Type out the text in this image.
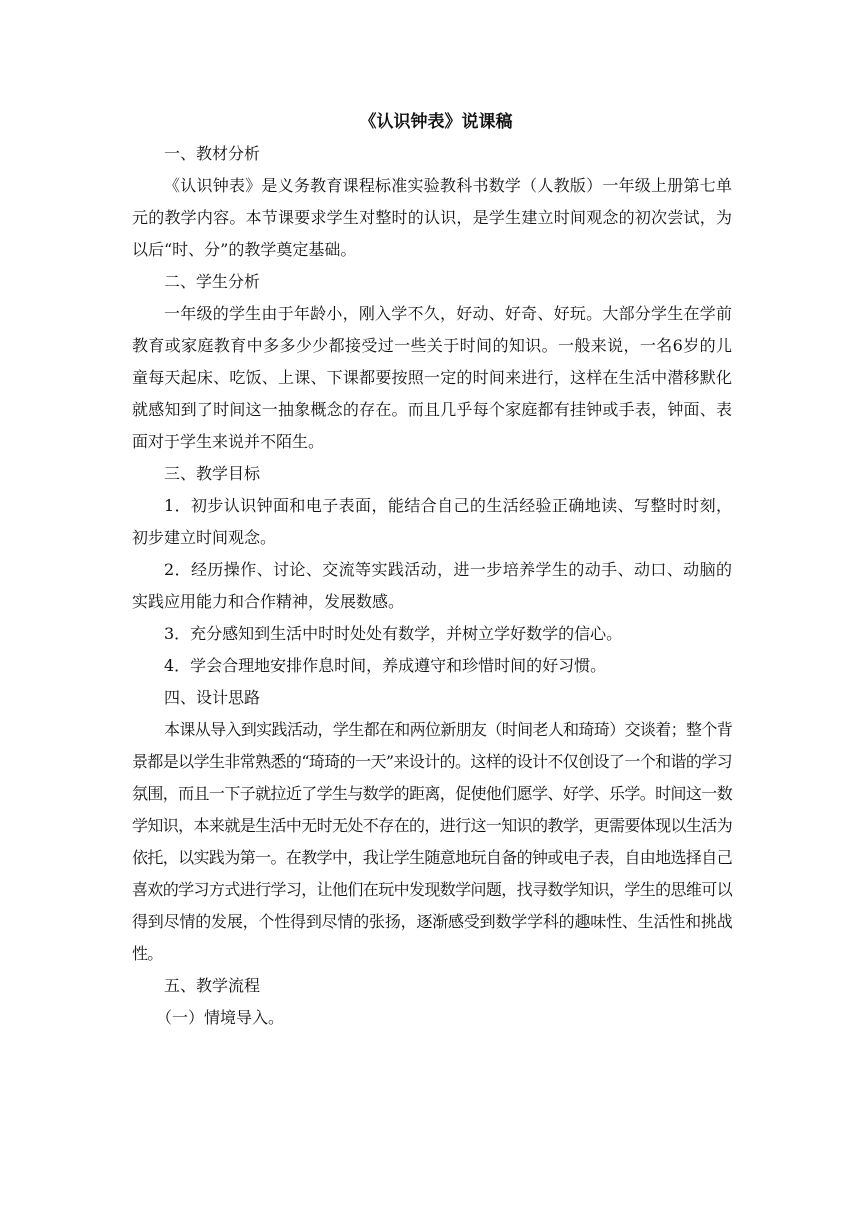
《认识钟表》说课稿
一、教材分析

《认识钟表》是义务教育课程标准实验教科书数学（人教版）一年级上册第七单元的教学内容。本节课要求学生对整时的认识，是学生建立时间观念的初次尝试，为以后“时、分”的教学奠定基础。

二、学生分析

一年级的学生由于年龄小，刚入学不久，好动、好奇、好玩。大部分学生在学前教育或家庭教育中多多少少都接受过一些关于时间的知识。一般来说，一名6岁的儿童每天起床、吃饭、上课、下课都要按照一定的时间来进行，这样在生活中潜移默化就感知到了时间这一抽象概念的存在。而且几乎每个家庭都有挂钟或手表，钟面、表面对于学生来说并不陌生。

三、教学目标

1．初步认识钟面和电子表面，能结合自己的生活经验正确地读、写整时时刻，初步建立时间观念。

2．经历操作、讨论、交流等实践活动，进一步培养学生的动手、动口、动脑的实践应用能力和合作精神，发展数感。

3．充分感知到生活中时时处处有数学，并树立学好数学的信心。

4．学会合理地安排作息时间，养成遵守和珍惜时间的好习惯。

四、设计思路

本课从导入到实践活动，学生都在和两位新朋友（时间老人和琦琦）交谈着；整个背景都是以学生非常熟悉的“琦琦的一天”来设计的。这样的设计不仅创设了一个和谐的学习氛围，而且一下子就拉近了学生与数学的距离，促使他们愿学、好学、乐学。时间这一数学知识，本来就是生活中无时无处不存在的，进行这一知识的教学，更需要体现以生活为依托，以实践为第一。在教学中，我让学生随意地玩自备的钟或电子表，自由地选择自己喜欢的学习方式进行学习，让他们在玩中发现数学问题，找寻数学知识，学生的思维可以得到尽情的发展，个性得到尽情的张扬，逐渐感受到数学学科的趣味性、生活性和挑战性。

五、教学流程
（一）情境导入。
